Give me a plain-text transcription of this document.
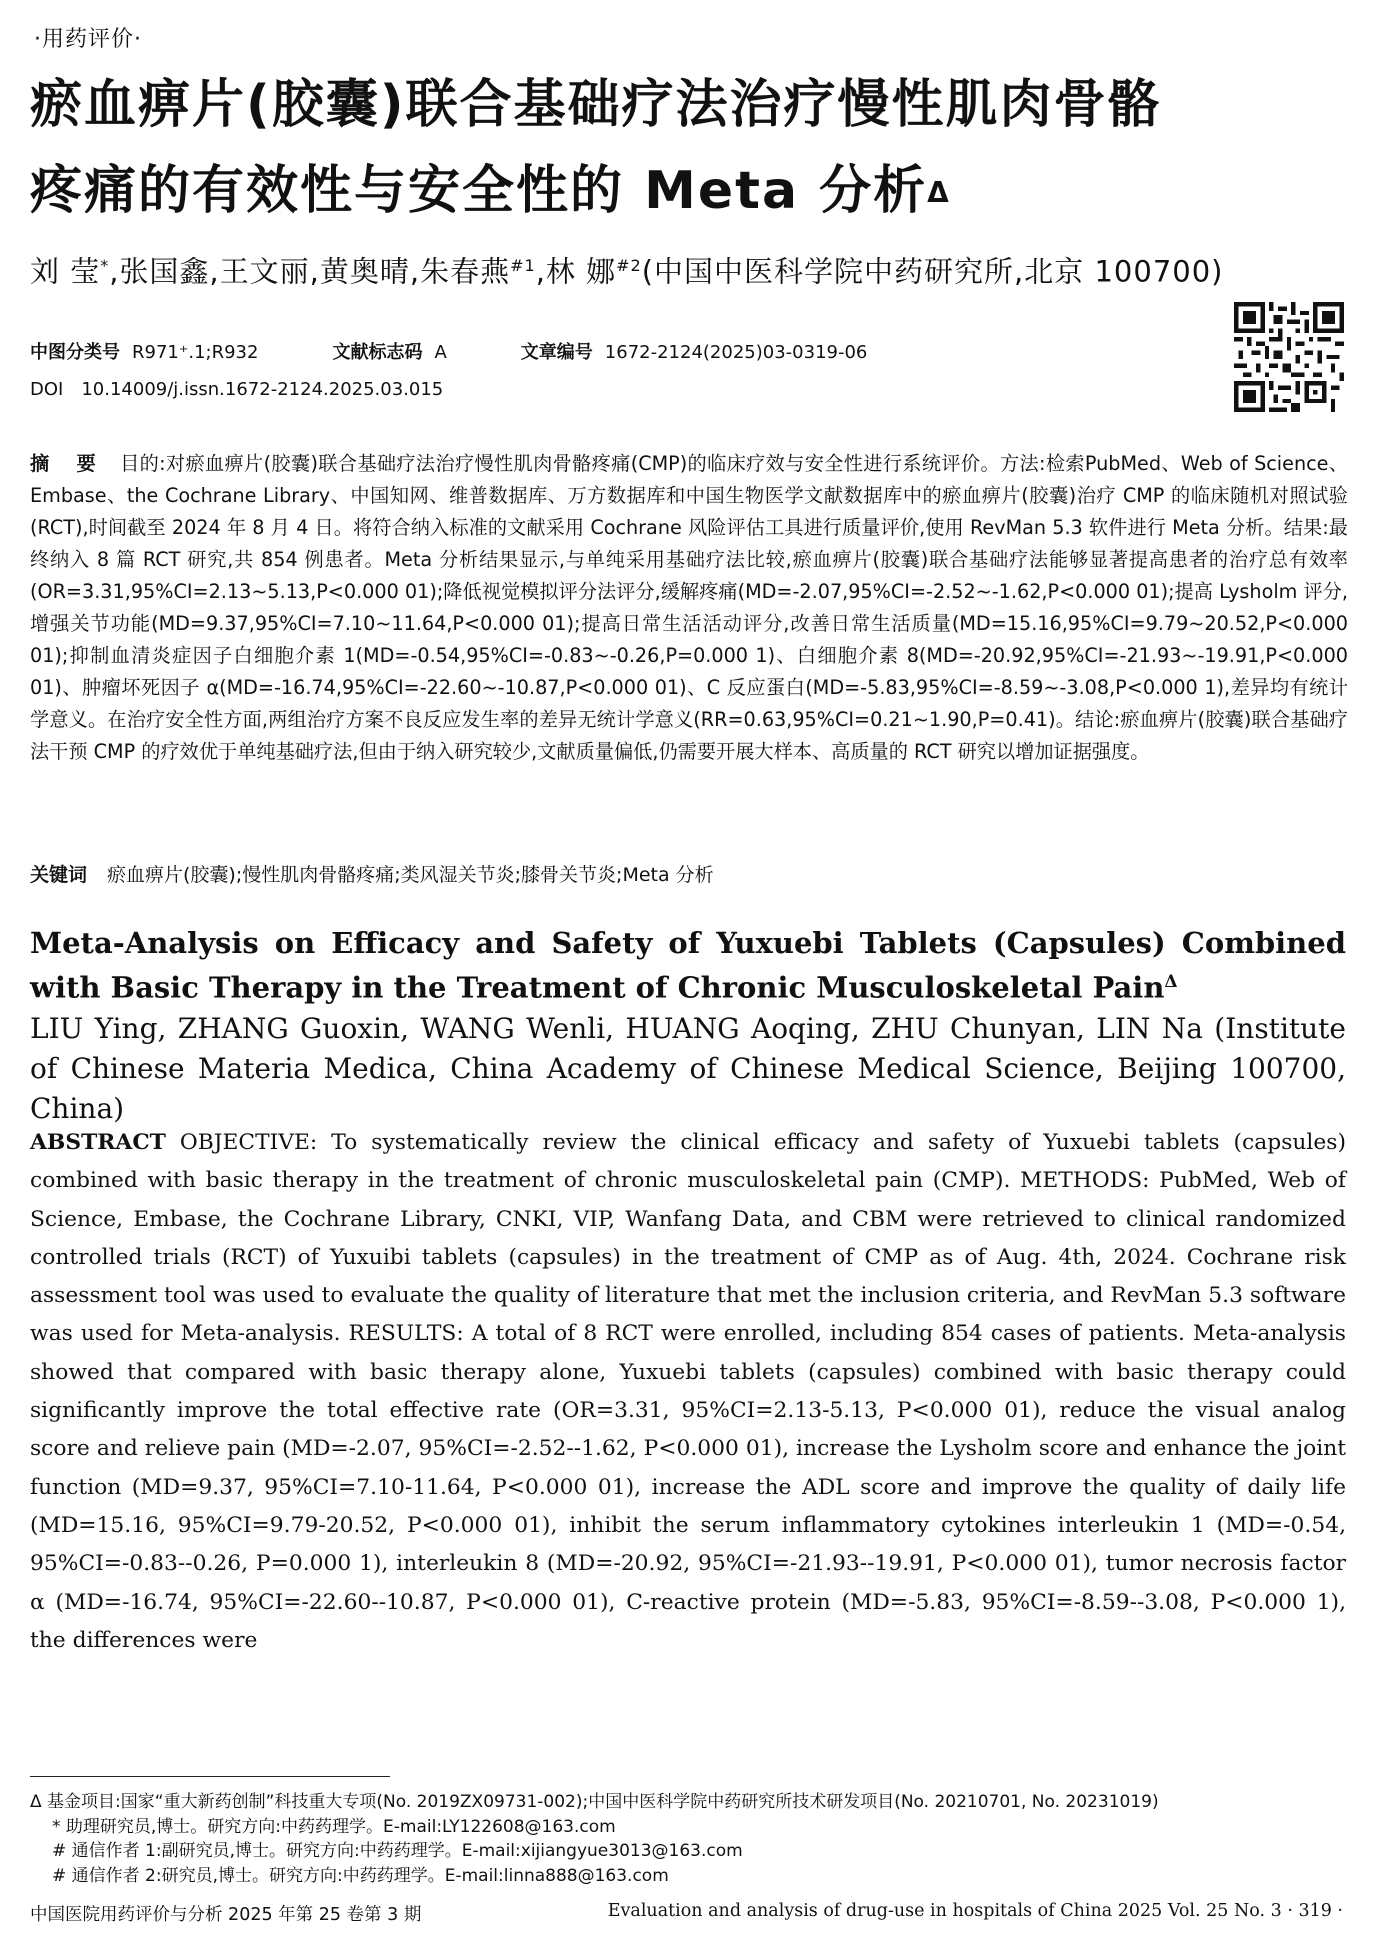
·用药评价·
瘀血痹片(胶囊)联合基础疗法治疗慢性肌肉骨骼
疼痛的有效性与安全性的 Meta 分析$^\Delta$
刘 莹*,张国鑫,王文丽,黄奥晴,朱春燕$^{\#1}$,林 娜$^{\#2}$(中国中医科学院中药研究所,北京 100700)
中图分类号 R971⁺.1;R932	文献标志码 A	文章编号 1672-2124(2025)03-0319-06
DOI 10.14009/j.issn.1672-2124.2025.03.015
摘 要 目的:对瘀血痹片(胶囊)联合基础疗法治疗慢性肌肉骨骼疼痛(CMP)的临床疗效与安全性进行系统评价。方法:检索PubMed、Web of Science、Embase、the Cochrane Library、中国知网、维普数据库、万方数据库和中国生物医学文献数据库中的瘀血痹片(胶囊)治疗 CMP 的临床随机对照试验(RCT),时间截至 2024 年 8 月 4 日。将符合纳入标准的文献采用 Cochrane 风险评估工具进行质量评价,使用 RevMan 5.3 软件进行 Meta 分析。结果:最终纳入 8 篇 RCT 研究,共 854 例患者。Meta 分析结果显示,与单纯采用基础疗法比较,瘀血痹片(胶囊)联合基础疗法能够显著提高患者的治疗总有效率(OR=3.31,95%CI=2.13~5.13,P<0.000 01);降低视觉模拟评分法评分,缓解疼痛(MD=-2.07,95%CI=-2.52~-1.62,P<0.000 01);提高 Lysholm 评分,增强关节功能(MD=9.37,95%CI=7.10~11.64,P<0.000 01);提高日常生活活动评分,改善日常生活质量(MD=15.16,95%CI=9.79~20.52,P<0.000 01);抑制血清炎症因子白细胞介素 1(MD=-0.54,95%CI=-0.83~-0.26,P=0.000 1)、白细胞介素 8(MD=-20.92,95%CI=-21.93~-19.91,P<0.000 01)、肿瘤坏死因子 α(MD=-16.74,95%CI=-22.60~-10.87,P<0.000 01)、C 反应蛋白(MD=-5.83,95%CI=-8.59~-3.08,P<0.000 1),差异均有统计学意义。在治疗安全性方面,两组治疗方案不良反应发生率的差异无统计学意义(RR=0.63,95%CI=0.21~1.90,P=0.41)。结论:瘀血痹片(胶囊)联合基础疗法干预 CMP 的疗效优于单纯基础疗法,但由于纳入研究较少,文献质量偏低,仍需要开展大样本、高质量的 RCT 研究以增加证据强度。
关键词 瘀血痹片(胶囊);慢性肌肉骨骼疼痛;类风湿关节炎;膝骨关节炎;Meta 分析
Meta-Analysis on Efficacy and Safety of Yuxuebi Tablets (Capsules) Combined with Basic Therapy in the Treatment of Chronic Musculoskeletal Pain$^\Delta$
LIU Ying, ZHANG Guoxin, WANG Wenli, HUANG Aoqing, ZHU Chunyan, LIN Na (Institute of Chinese Materia Medica, China Academy of Chinese Medical Science, Beijing 100700, China)
ABSTRACT OBJECTIVE: To systematically review the clinical efficacy and safety of Yuxuebi tablets (capsules) combined with basic therapy in the treatment of chronic musculoskeletal pain (CMP). METHODS: PubMed, Web of Science, Embase, the Cochrane Library, CNKI, VIP, Wanfang Data, and CBM were retrieved to clinical randomized controlled trials (RCT) of Yuxuibi tablets (capsules) in the treatment of CMP as of Aug. 4th, 2024. Cochrane risk assessment tool was used to evaluate the quality of literature that met the inclusion criteria, and RevMan 5.3 software was used for Meta-analysis. RESULTS: A total of 8 RCT were enrolled, including 854 cases of patients. Meta-analysis showed that compared with basic therapy alone, Yuxuebi tablets (capsules) combined with basic therapy could significantly improve the total effective rate (OR=3.31, 95%CI=2.13-5.13, P<0.000 01), reduce the visual analog score and relieve pain (MD=-2.07, 95%CI=-2.52--1.62, P<0.000 01), increase the Lysholm score and enhance the joint function (MD=9.37, 95%CI=7.10-11.64, P<0.000 01), increase the ADL score and improve the quality of daily life (MD=15.16, 95%CI=9.79-20.52, P<0.000 01), inhibit the serum inflammatory cytokines interleukin 1 (MD=-0.54, 95%CI=-0.83--0.26, P=0.000 1), interleukin 8 (MD=-20.92, 95%CI=-21.93--19.91, P<0.000 01), tumor necrosis factor α (MD=-16.74, 95%CI=-22.60--10.87, P<0.000 01), C-reactive protein (MD=-5.83, 95%CI=-8.59--3.08, P<0.000 1), the differences were

Δ 基金项目:国家“重大新药创制”科技重大专项(No. 2019ZX09731-002);中国中医科学院中药研究所技术研发项目(No. 20210701, No. 20231019)

* 助理研究员,博士。研究方向:中药药理学。E-mail:LY122608@163.com

# 通信作者 1:副研究员,博士。研究方向:中药药理学。E-mail:xijiangyue3013@163.com

# 通信作者 2:研究员,博士。研究方向:中药药理学。E-mail:linna888@163.com

中国医院用药评价与分析 2025 年第 25 卷第 3 期	Evaluation and analysis of drug-use in hospitals of China 2025 Vol. 25 No. 3 · 319 ·
